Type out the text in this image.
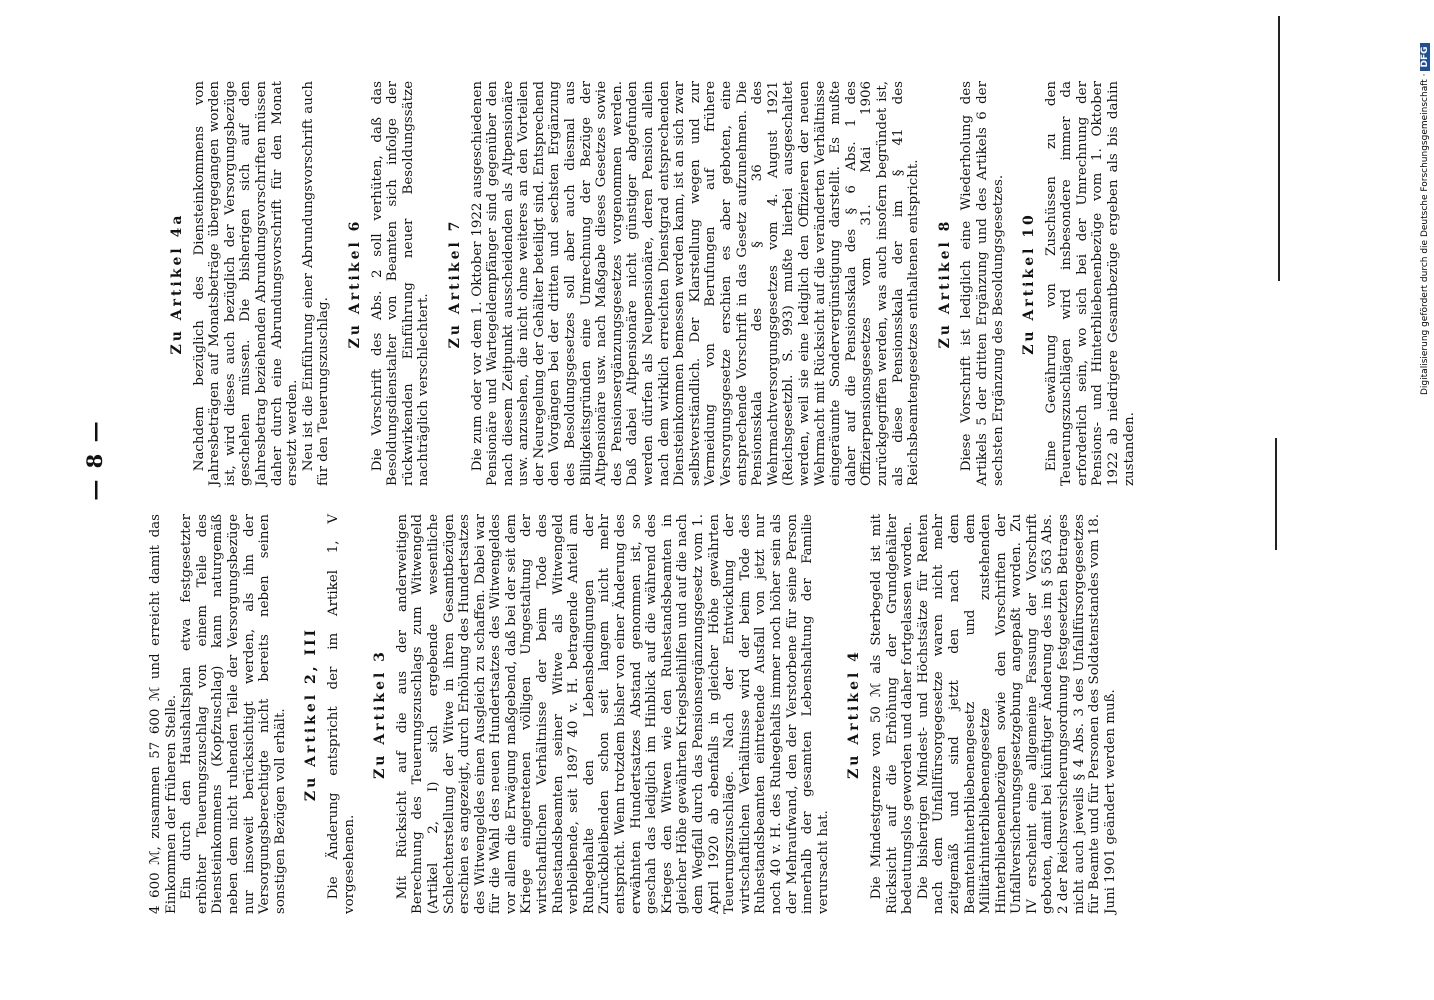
— 8 —

4 600 ℳ, zusammen 57 600 ℳ und erreicht damit das Einkommen der früheren Stelle. Ein durch den Haushaltsplan etwa festgesetzter erhöhter Teuerungszuschlag von einem Teile des Diensteinkommens (Kopfzuschlag) kann naturgemäß neben dem nicht ruhenden Teile der Versorgungsbezüge nur insoweit berücksichtigt werden, als ihn der Versorgungsberechtigte nicht bereits neben seinen sonstigen Bezügen voll erhält. Zu Artikel 2, III Die Änderung entspricht der im Artikel 1, V vorgesehenen.

Zu Artikel 3 Mit Rücksicht auf die aus der anderweitigen Berechnung des Teuerungszuschlags zum Witwengeld (Artikel 2, I) sich ergebende wesentliche Schlechterstellung der Witwe in ihren Gesamtbezügen erschien es angezeigt, durch Erhöhung des Hundertsatzes des Witwengeldes einen Ausgleich zu schaffen. Dabei war für die Wahl des neuen Hundertsatzes des Witwengeldes vor allem die Erwägung maßgebend, daß bei der seit dem Kriege eingetretenen völligen Umgestaltung der wirtschaftlichen Verhältnisse der beim Tode des Ruhestandsbeamten seiner Witwe als Witwengeld verbleibende, seit 1897 40 v. H. betragende Anteil am Ruhegehalte den Lebensbedingungen der Zurückbleibenden schon seit langem nicht mehr entspricht. Wenn trotzdem bisher von einer Änderung des erwähnten Hundertsatzes Abstand genommen ist, so geschah das lediglich im Hinblick auf die während des Krieges den Witwen wie den Ruhestandsbeamten in gleicher Höhe gewährten Kriegsbeihilfen und auf die nach dem Wegfall durch das Pensionsergänzungsgesetz vom 1. April 1920 ab ebenfalls in gleicher Höhe gewährten Teuerungszuschläge. Nach der Entwicklung der wirtschaftlichen Verhältnisse wird der beim Tode des Ruhestandsbeamten eintretende Ausfall von jetzt nur noch 40 v. H. des Ruhegehalts immer noch höher sein als der Mehraufwand, den der Verstorbene für seine Person innerhalb der gesamten Lebenshaltung der Familie verursacht hat.

Zu Artikel 4 Die Mindestgrenze von 50 ℳ als Sterbegeld ist mit Rücksicht auf die Erhöhung der Grundgehälter bedeutungslos geworden und daher fortgelassen worden. Die bisherigen Mindest- und Höchstsätze für Renten nach dem Unfallfürsorgegesetze waren nicht mehr zeitgemäß und sind jetzt den nach dem Beamtenhinterbliebenengesetz und dem Militärhinterbliebenengesetze zustehenden Hinterbliebenenbezügen sowie den Vorschriften der Unfallversicherungsgesetzgebung angepaßt worden. Zu IV erscheint eine allgemeine Fassung der Vorschrift geboten, damit bei künftiger Änderung des im § 563 Abs. 2 der Reichsversicherungsordnung festgesetzten Betrages nicht auch jeweils § 4 Abs. 3 des Unfallfürsorgegesetzes für Beamte und für Personen des Soldatenstandes vom 18. Juni 1901 geändert werden muß.

Zu Artikel 4a Nachdem bezüglich des Diensteinkommens von Jahresbeträgen auf Monatsbeträge übergegangen worden ist, wird dieses auch bezüglich der Versorgungsbezüge geschehen müssen. Die bisherigen sich auf den Jahresbetrag beziehenden Abrundungsvorschriften müssen daher durch eine Abrundungsvorschrift für den Monat ersetzt werden. Neu ist die Einführung einer Abrundungsvorschrift auch für den Teuerungszuschlag.

Zu Artikel 6 Die Vorschrift des Abs. 2 soll verhüten, daß das Besoldungsdienstalter von Beamten sich infolge der rückwirkenden Einführung neuer Besoldungssätze nachträglich verschlechtert.

Zu Artikel 7 Die zum oder vor dem 1. Oktober 1922 ausgeschiedenen Pensionäre und Wartegeldempfänger sind gegenüber den nach diesem Zeitpunkt ausscheidenden als Altpensionäre usw. anzusehen, die nicht ohne weiteres an den Vorteilen der Neuregelung der Gehälter beteiligt sind. Entsprechend den Vorgängen bei der dritten und sechsten Ergänzung des Besoldungsgesetzes soll aber auch diesmal aus Billigkeitsgründen eine Umrechnung der Bezüge der Altpensionäre usw. nach Maßgabe dieses Gesetzes sowie des Pensionsergänzungsgesetzes vorgenommen werden. Daß dabei Altpensionäre nicht günstiger abgefunden werden dürfen als Neupensionäre, deren Pension allein nach dem wirklich erreichten Dienstgrad entsprechenden Diensteinkommen bemessen werden kann, ist an sich zwar selbstverständlich. Der Klarstellung wegen und zur Vermeidung von Berufungen auf frühere Versorgungsgesetze erschien es aber geboten, eine entsprechende Vorschrift in das Gesetz aufzunehmen. Die Pensionsskala des § 36 des Wehrmachtversorgungsgesetzes vom 4. August 1921 (Reichsgesetzbl. S. 993) mußte hierbei ausgeschaltet werden, weil sie eine lediglich den Offizieren der neuen Wehrmacht mit Rücksicht auf die veränderten Verhältnisse eingeräumte Sondervergünstigung darstellt. Es mußte daher auf die Pensionsskala des § 6 Abs. 1 des Offizierpensionsgesetzes vom 31. Mai 1906 zurückgegriffen werden, was auch insofern begründet ist, als diese Pensionsskala der im § 41 des Reichsbeamtengesetzes enthaltenen entspricht. Zu Artikel 8 Diese Vorschrift ist lediglich eine Wiederholung des Artikels 5 der dritten Ergänzung und des Artikels 6 der sechsten Ergänzung des Besoldungsgesetzes. Zu Artikel 10 Eine Gewährung von Zuschüssen zu den Teuerungszuschlägen wird insbesondere immer da erforderlich sein, wo sich bei der Umrechnung der Pensions- und Hinterbliebenenbezüge vom 1. Oktober 1922 ab niedrigere Gesamtbezüge ergeben als bis dahin zustanden.

Digitalisierung gefördert durch die Deutsche Forschungsgemeinschaft ·DFG
